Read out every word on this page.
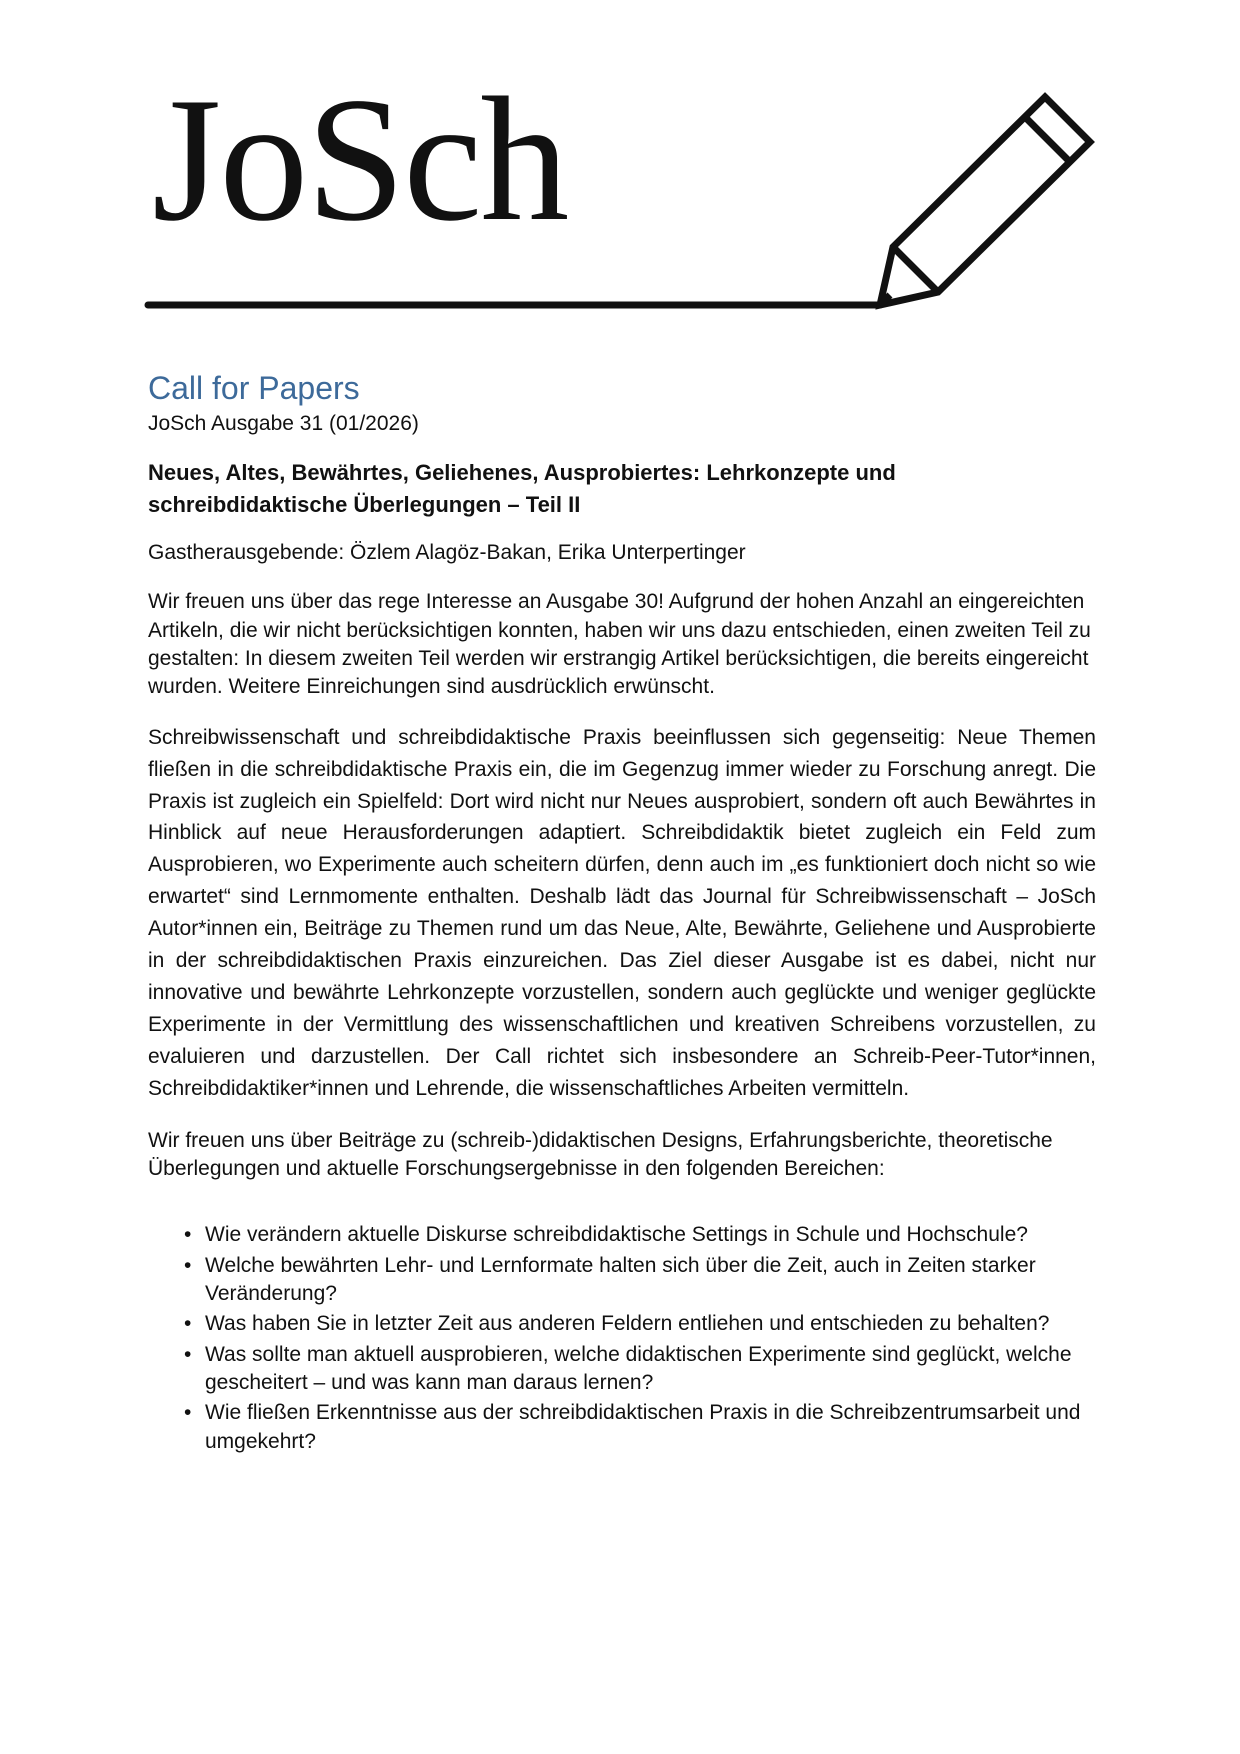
JoSch
Call for Papers
JoSch Ausgabe 31 (01/2026)
Neues, Altes, Bewährtes, Geliehenes, Ausprobiertes: Lehrkonzepte und schreibdidaktische Überlegungen – Teil II
Gastherausgebende: Özlem Alagöz-Bakan, Erika Unterpertinger
Wir freuen uns über das rege Interesse an Ausgabe 30! Aufgrund der hohen Anzahl an eingereichten Artikeln, die wir nicht berücksichtigen konnten, haben wir uns dazu entschieden, einen zweiten Teil zu gestalten: In diesem zweiten Teil werden wir erstrangig Artikel berücksichtigen, die bereits eingereicht wurden. Weitere Einreichungen sind ausdrücklich erwünscht.
Schreibwissenschaft und schreibdidaktische Praxis beeinflussen sich gegenseitig: Neue Themen fließen in die schreibdidaktische Praxis ein, die im Gegenzug immer wieder zu Forschung anregt. Die Praxis ist zugleich ein Spielfeld: Dort wird nicht nur Neues ausprobiert, sondern oft auch Bewährtes in Hinblick auf neue Herausforderungen adaptiert. Schreibdidaktik bietet zugleich ein Feld zum Ausprobieren, wo Experimente auch scheitern dürfen, denn auch im „es funktioniert doch nicht so wie erwartet“ sind Lernmomente enthalten. Deshalb lädt das Journal für Schreibwissenschaft – JoSch Autor*innen ein, Beiträge zu Themen rund um das Neue, Alte, Bewährte, Geliehene und Ausprobierte in der schreibdidaktischen Praxis einzureichen. Das Ziel dieser Ausgabe ist es dabei, nicht nur innovative und bewährte Lehrkonzepte vorzustellen, sondern auch geglückte und weniger geglückte Experimente in der Vermittlung des wissenschaftlichen und kreativen Schreibens vorzustellen, zu evaluieren und darzustellen. Der Call richtet sich insbesondere an Schreib-Peer-Tutor*innen, Schreibdidaktiker*innen und Lehrende, die wissenschaftliches Arbeiten vermitteln.
Wir freuen uns über Beiträge zu (schreib-)didaktischen Designs, Erfahrungsberichte, theoretische Überlegungen und aktuelle Forschungsergebnisse in den folgenden Bereichen:
• Wie verändern aktuelle Diskurse schreibdidaktische Settings in Schule und Hochschule?
• Welche bewährten Lehr- und Lernformate halten sich über die Zeit, auch in Zeiten starker Veränderung?
• Was haben Sie in letzter Zeit aus anderen Feldern entliehen und entschieden zu behalten?
• Was sollte man aktuell ausprobieren, welche didaktischen Experimente sind geglückt, welche gescheitert – und was kann man daraus lernen?
• Wie fließen Erkenntnisse aus der schreibdidaktischen Praxis in die Schreibzentrumsarbeit und umgekehrt?
